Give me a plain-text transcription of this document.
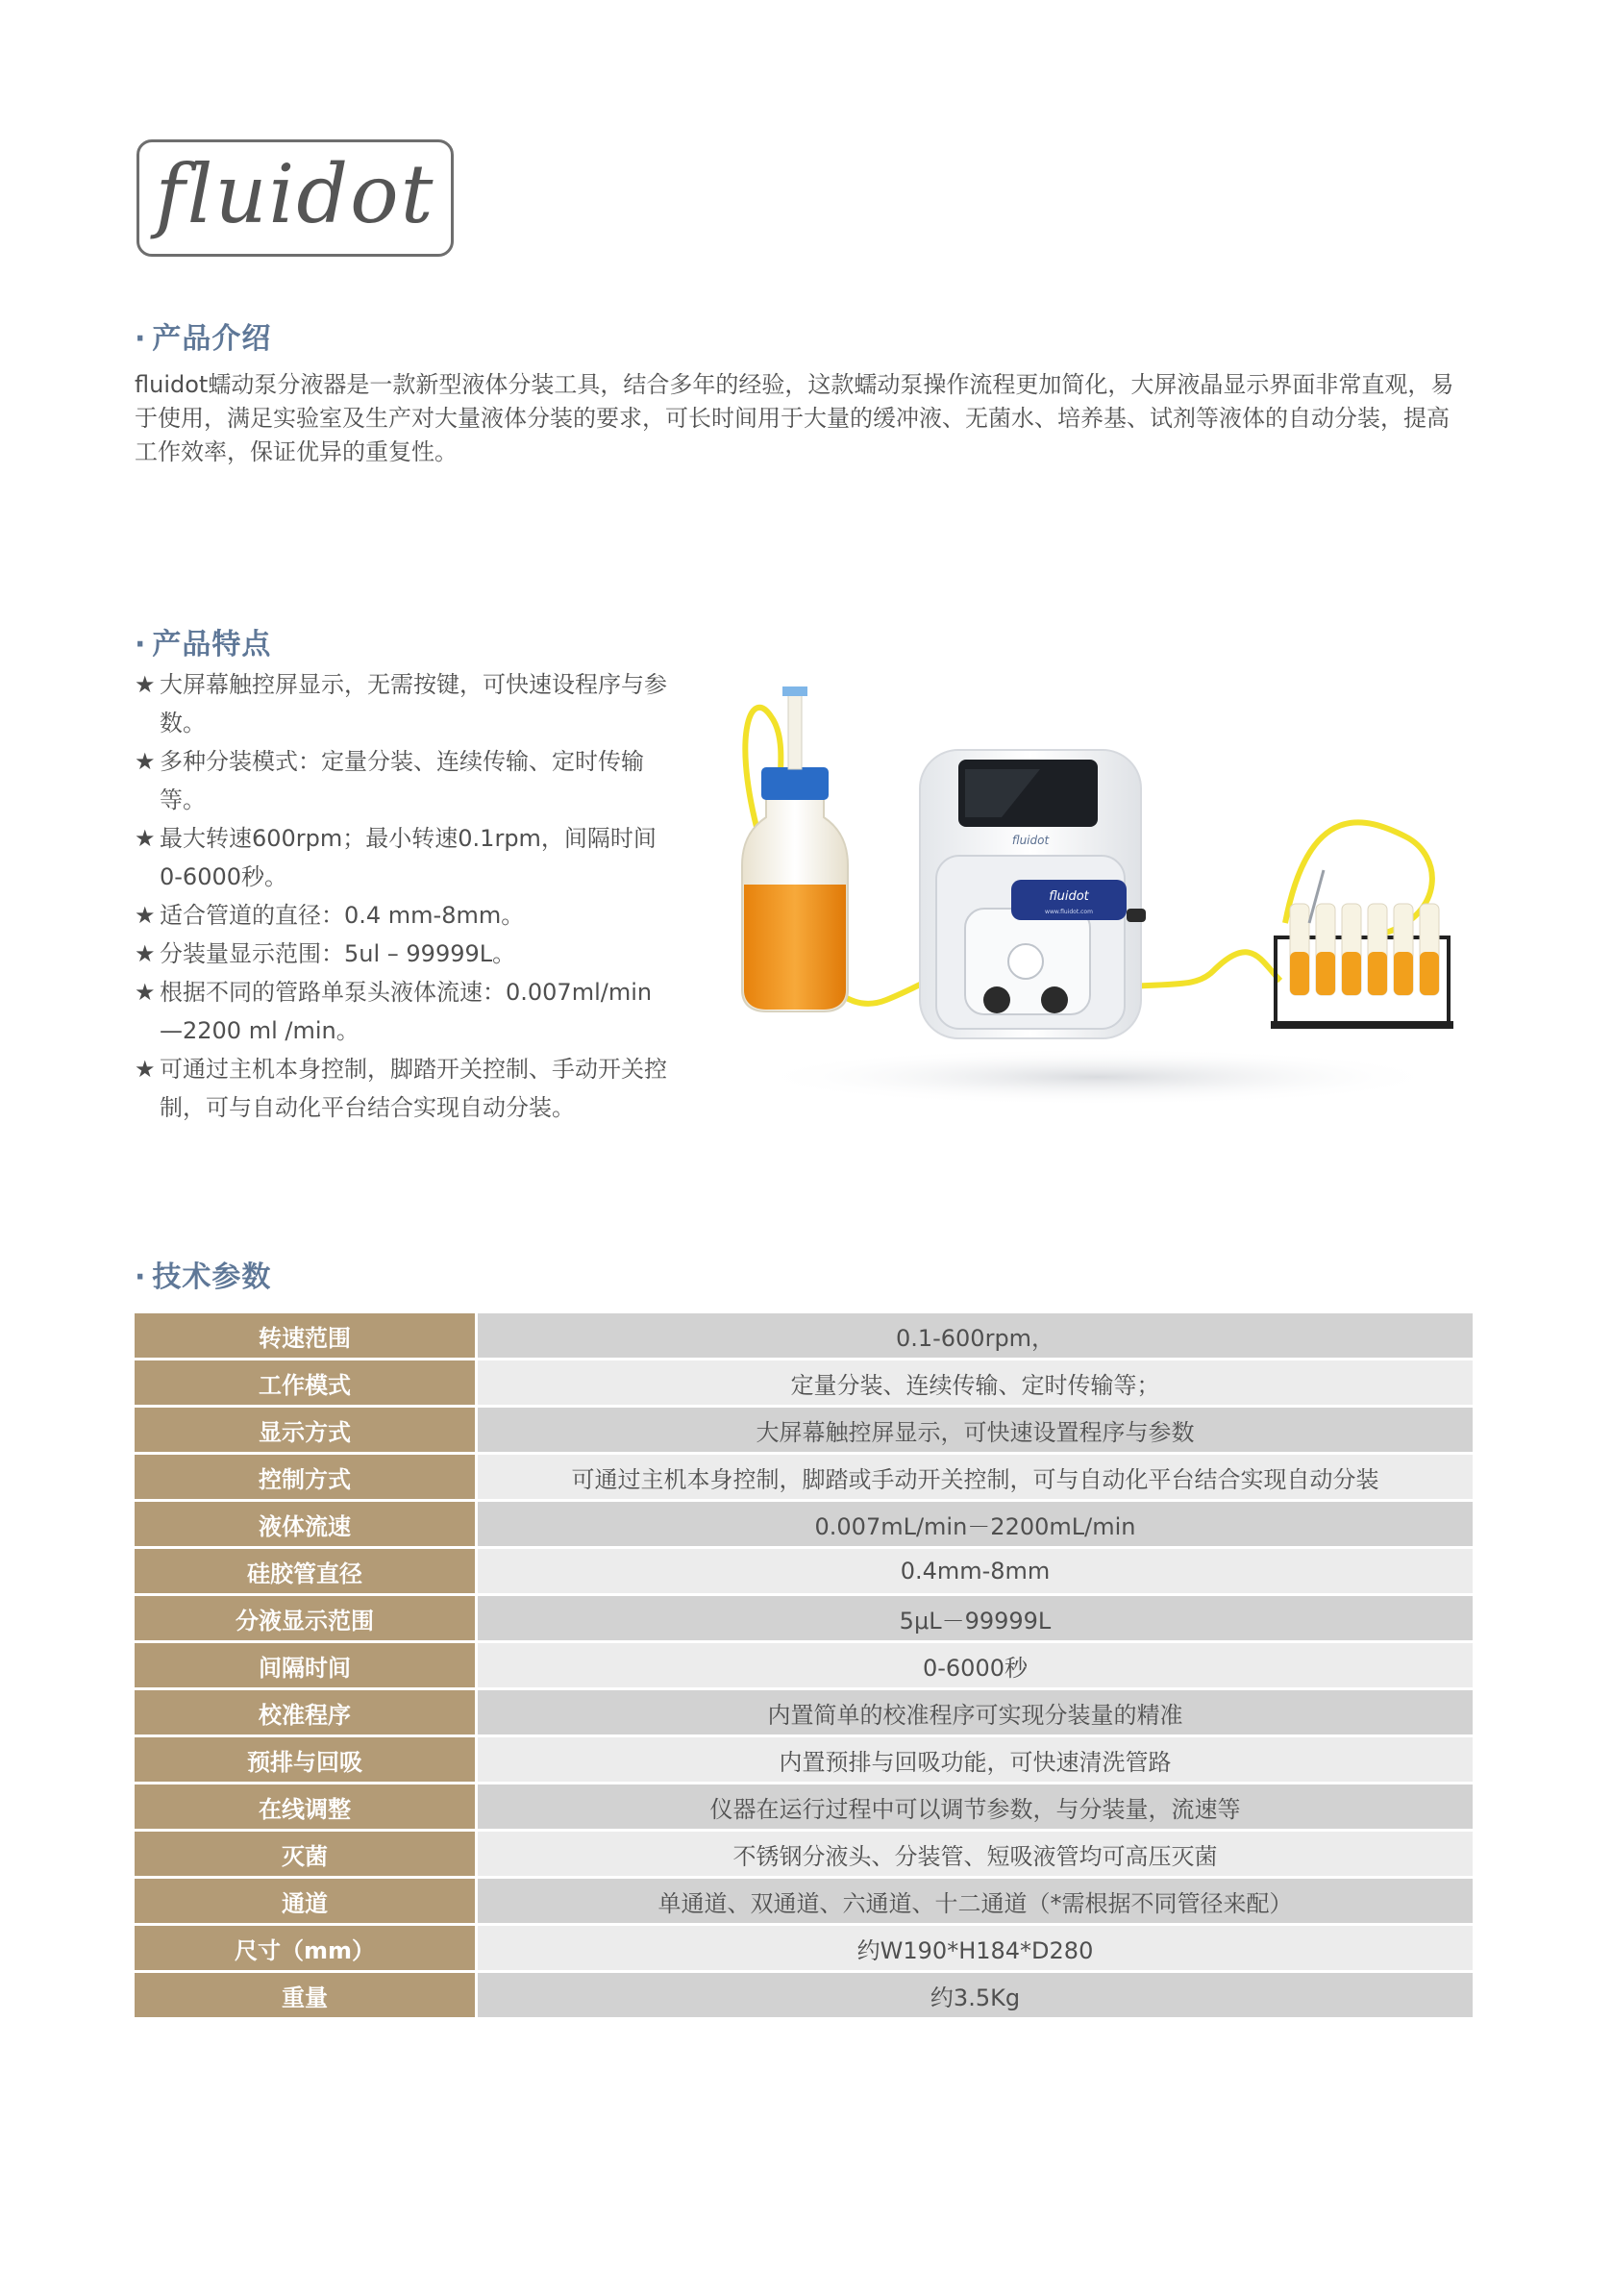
fluidot
· 产品介绍
fluidot蠕动泵分液器是一款新型液体分装工具，结合多年的经验，这款蠕动泵操作流程更加简化，大屏液晶显示界面非常直观，易于使用，满足实验室及生产对大量液体分装的要求，可长时间用于大量的缓冲液、无菌水、培养基、试剂等液体的自动分装，提高工作效率，保证优异的重复性。
· 产品特点
★ 大屏幕触控屏显示，无需按键，可快速设程序与参数。
★ 多种分装模式：定量分装、连续传输、定时传输等。
★ 最大转速600rpm；最小转速0.1rpm，间隔时间0-6000秒。
★ 适合管道的直径：0.4 mm-8mm。
★ 分装量显示范围：5ul – 99999L。
★ 根据不同的管路单泵头液体流速：0.007ml/min—2200 ml /min。
★ 可通过主机本身控制，脚踏开关控制、手动开关控制，可与自动化平台结合实现自动分装。
fluidot
fluidot
www.fluidot.com
· 技术参数
转速范围	0.1-600rpm，
工作模式	定量分装、连续传输、定时传输等；
显示方式	大屏幕触控屏显示，可快速设置程序与参数
控制方式	可通过主机本身控制，脚踏或手动开关控制，可与自动化平台结合实现自动分装
液体流速	0.007mL/min－2200mL/min
硅胶管直径	0.4mm-8mm
分液显示范围	5μL－99999L
间隔时间	0-6000秒
校准程序	内置简单的校准程序可实现分装量的精准
预排与回吸	内置预排与回吸功能，可快速清洗管路
在线调整	仪器在运行过程中可以调节参数，与分装量，流速等
灭菌	不锈钢分液头、分装管、短吸液管均可高压灭菌
通道	单通道、双通道、六通道、十二通道（*需根据不同管径来配）
尺寸（mm）	约W190*H184*D280
重量	约3.5Kg
